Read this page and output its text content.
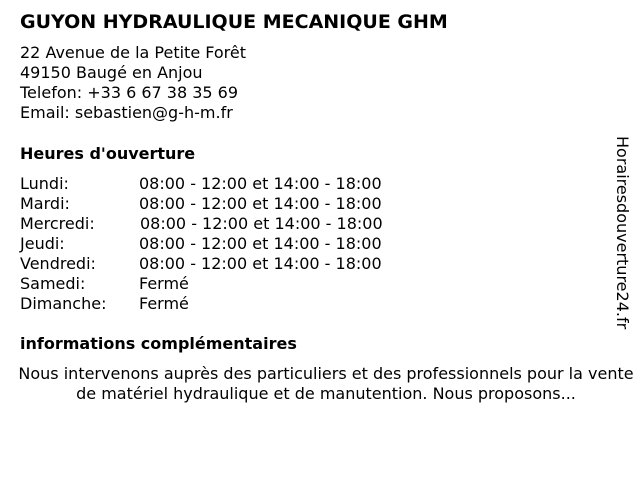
GUYON HYDRAULIQUE MECANIQUE GHM
22 Avenue de la Petite Forêt
49150 Baugé en Anjou
Telefon: +33 6 67 38 35 69
Email: sebastien@g-h-m.fr
Heures d'ouverture
Lundi:	08:00 - 12:00 et 14:00 - 18:00
Mardi:	08:00 - 12:00 et 14:00 - 18:00
Mercredi:	08:00 - 12:00 et 14:00 - 18:00
Jeudi:	08:00 - 12:00 et 14:00 - 18:00
Vendredi:	08:00 - 12:00 et 14:00 - 18:00
Samedi:	Fermé
Dimanche: Fermé
informations complémentaires
Nous intervenons auprès des particuliers et des professionnels pour la vente de matériel hydraulique et de manutention. Nous proposons...
Horairesdouverture24.fr
